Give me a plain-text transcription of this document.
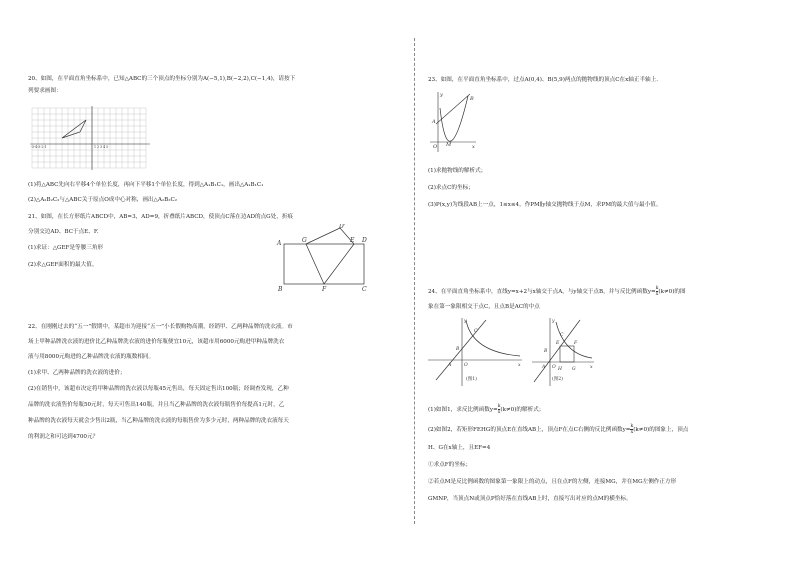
20、如图，在平面直角坐标系中，已知△ABC的三个顶点的坐标分别为A(−5,1),B(−2,2),C(−1,4)，请按下
列要求画图：
-5-4-3-2-1	1 2 3 4 5
(1)将△ABC先向右平移4个单位长度，再向下平移1个单位长度，得到△A₁B₁C₁，画出△A₁B₁C₁
(2)△A₂B₂C₂与△ABC关于原点O成中心对称，画出△A₂B₂C₂
21、如图，在长方形纸片ABCD中，AB=3，AD=9，折叠纸片ABCD，使顶点C落在边AD的点G处，折痕
分别交边AD、BC于点E、F.
(1)求证：△GEF是等腰三角形
(2)求△GEF面积的最大值。
A	G
D'
E D
B	F	C
22、在刚刚过去的“五一”假期中，某超市为迎接“五一”小长假购物高潮，经销甲、乙两种品牌的洗衣液。市
场上甲种品牌洗衣液的进价比乙种品牌洗衣液的进价每瓶便宜10元，该超市用6000元购进甲种品牌洗衣
液与用8000元购进的乙种品牌洗衣液的瓶数相同。
(1)求甲、乙两种品牌的洗衣液的进价；
(2)在销售中，该超市决定将甲种品牌的洗衣液以每瓶45元售出，每天固定售出100瓶；经调查发现，乙种
品牌的洗衣液售价每瓶50元时，每天可售出140瓶，并且当乙种品牌的洗衣液每瓶售价每提高1元时，乙
种品牌的洗衣液每天就会少售出2瓶，当乙种品牌的洗衣液的每瓶售价为多少元时，两种品牌的洗衣液每天
的利润之和可达到4700元？
23、如图，在平面直角坐标系中，过点A(0,4)、B(5,9)两点的抛物线的顶点C在x轴正半轴上.
y
x
O
A
B
M
(1)求抛物线的解析式；
(2)求点C的坐标；
(3)P(x,y)为线段AB上一点，1≤x≤4，作PM∥y轴交抛物线于点M，求PM的最大值与最小值。
24、在平面直角坐标系中，直线y=x+2与x轴交于点A，与y轴交于点B，并与反比例函数$y= \frac{k}{x} (k\ne 0)$的图
象在第一象限相交于点C，且点B是AC的中点
y
x
O
A
B
C
(图1)
y
x
O
A
B
C
E	F
H G
(图2)
(1)如图1，求反比例函数$y= \frac{k}{x} (k\ne 0)$的解析式；
(2)如图2，若矩形FEHG的顶点E在直线AB上，顶点F在点C右侧的反比例函数$y= \frac{k}{x} (k\ne 0)$的图象上，顶点
H、G在x轴上，且EF=4
①求点F的坐标；
②若点M是反比例函数的图象第一象限上的动点，且在点F的左侧，连接MG，并在MG左侧作正方形
GMNP，当顶点N或顶点P恰好落在直线AB上时，直接写出对应的点M的横坐标。
